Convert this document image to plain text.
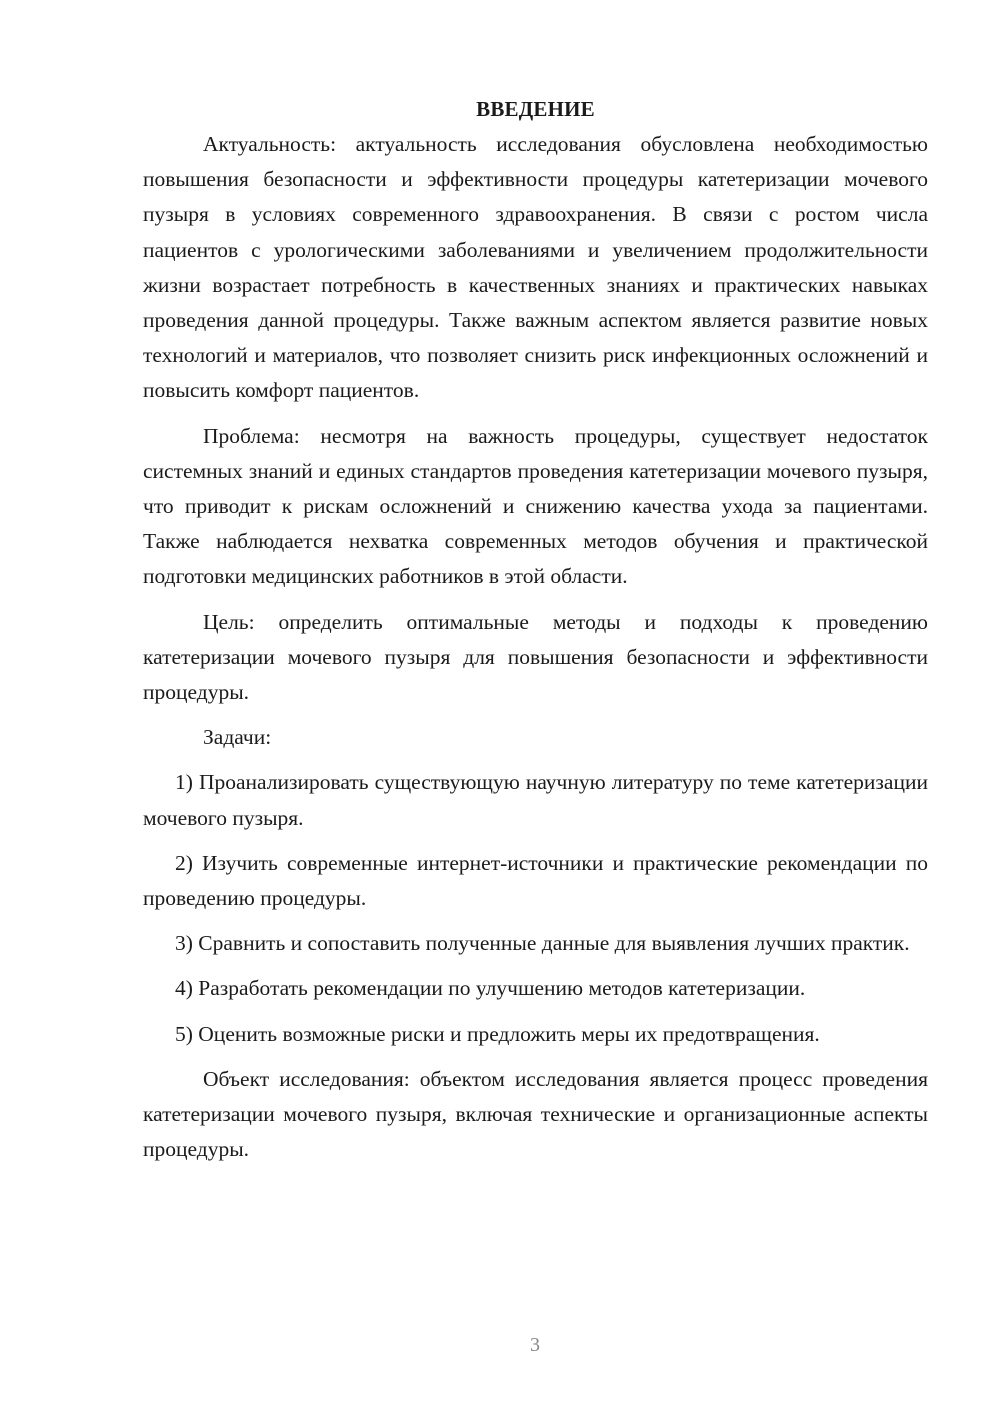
ВВЕДЕНИЕ

Актуальность: актуальность исследования обусловлена необходимостью повышения безопасности и эффективности процедуры катетеризации мочевого пузыря в условиях современного здравоохранения. В связи с ростом числа пациентов с урологическими заболеваниями и увеличением продолжительности жизни возрастает потребность в качественных знаниях и практических навыках проведения данной процедуры. Также важным аспектом является развитие новых технологий и материалов, что позволяет снизить риск инфекционных осложнений и повысить комфорт пациентов.

Проблема: несмотря на важность процедуры, существует недостаток системных знаний и единых стандартов проведения катетеризации мочевого пузыря, что приводит к рискам осложнений и снижению качества ухода за пациентами. Также наблюдается нехватка современных методов обучения и практической подготовки медицинских работников в этой области.

Цель: определить оптимальные методы и подходы к проведению катетеризации мочевого пузыря для повышения безопасности и эффективности процедуры.

Задачи:

1) Проанализировать существующую научную литературу по теме катетеризации мочевого пузыря.

2) Изучить современные интернет-источники и практические рекомендации по проведению процедуры.

3) Сравнить и сопоставить полученные данные для выявления лучших практик.

4) Разработать рекомендации по улучшению методов катетеризации.

5) Оценить возможные риски и предложить меры их предотвращения.

Объект исследования: объектом исследования является процесс проведения катетеризации мочевого пузыря, включая технические и организационные аспекты процедуры.

3
